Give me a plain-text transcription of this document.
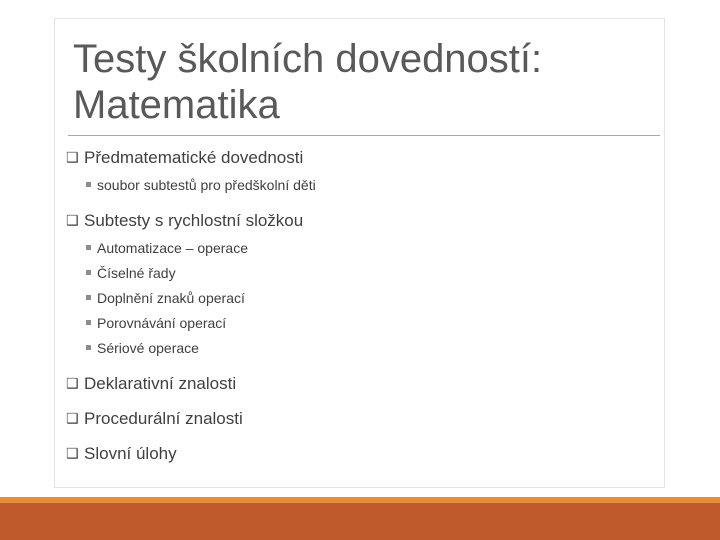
Testy školních dovedností:
Matematika
❑ Předmatematické dovednosti
soubor subtestů pro předškolní děti
❑ Subtesty s rychlostní složkou
Automatizace – operace
Číselné řady
Doplnění znaků operací
Porovnávání operací
Sériové operace
❑ Deklarativní znalosti
❑ Procedurální znalosti
❑ Slovní úlohy
